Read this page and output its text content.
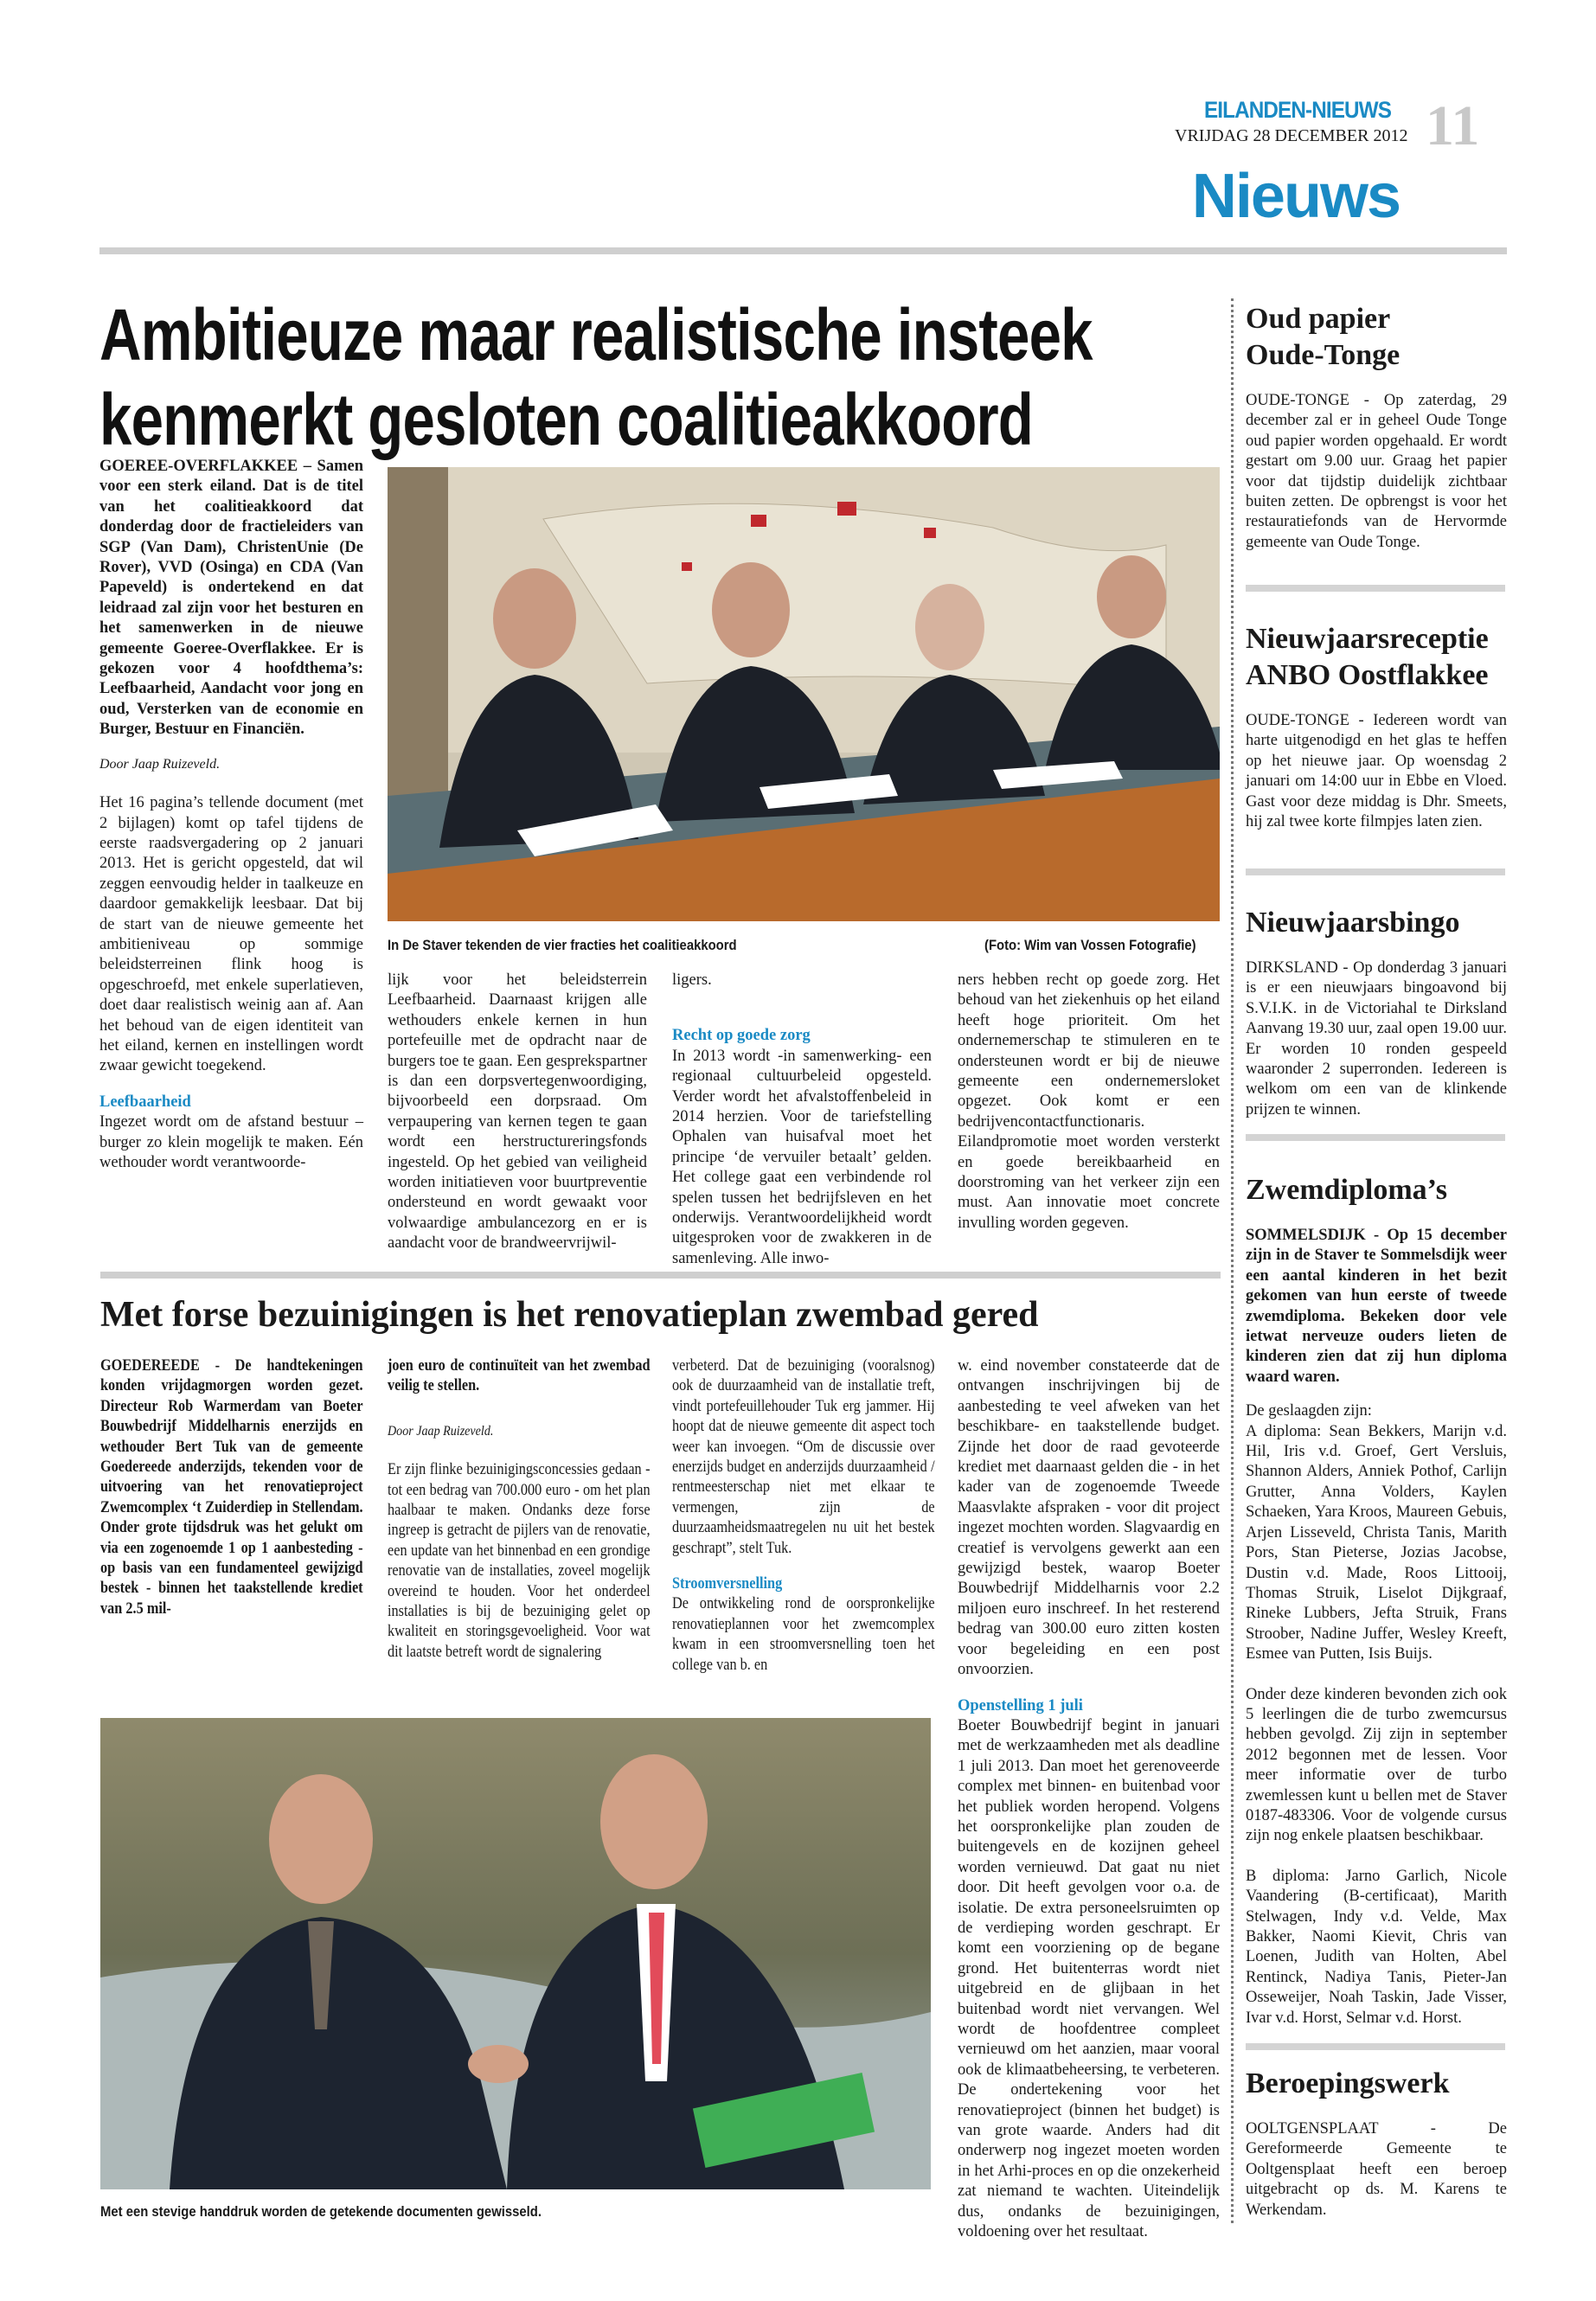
EILANDEN-NIEUWS
VRIJDAG 28 DECEMBER 2012 11
Nieuws
Ambitieuze maar realistische insteek
kenmerkt gesloten coalitieakkoord

GOEREE-OVERFLAKKEE – Samen voor een sterk eiland. Dat is de titel van het coalitieakkoord dat donderdag door de fractieleiders van SGP (Van Dam), ChristenUnie (De Rover), VVD (Osinga) en CDA (Van Papeveld) is ondertekend en dat leidraad zal zijn voor het besturen en het samenwerken in de nieuwe gemeente Goeree-Overflakkee. Er is gekozen voor 4 hoofdthema’s: Leefbaarheid, Aandacht voor jong en oud, Versterken van de economie en Burger, Bestuur en Financiën.

Door Jaap Ruizeveld.

Het 16 pagina’s tellende document (met 2 bijlagen) komt op tafel tijdens de eerste raadsvergadering op 2 januari 2013. Het is gericht opgesteld, dat wil zeggen eenvoudig helder in taalkeuze en daardoor gemakkelijk leesbaar. Dat bij de start van de nieuwe gemeente het ambitieniveau op sommige beleidsterreinen flink hoog is opgeschroefd, met enkele superlatieven, doet daar realistisch weinig aan af. Aan het behoud van de eigen identiteit van het eiland, kernen en instellingen wordt zwaar gewicht toegekend.

Leefbaarheid

Ingezet wordt om de afstand bestuur – burger zo klein mogelijk te maken. Eén wethouder wordt verantwoorde-

In De Staver tekenden de vier fracties het coalitieakkoord	(Foto: Wim van Vossen Fotografie)

lijk voor het beleidsterrein Leefbaarheid. Daarnaast krijgen alle wethouders enkele kernen in hun portefeuille met de opdracht naar de burgers toe te gaan. Een gesprekspartner is dan een dorpsvertegenwoordiging, bijvoorbeeld een dorpsraad. Om verpaupering van kernen tegen te gaan wordt een herstructureringsfonds ingesteld. Op het gebied van veiligheid worden initiatieven voor buurtpreventie ondersteund en wordt gewaakt voor volwaardige ambulancezorg en er is aandacht voor de brandweervrijwil-

ligers.

Recht op goede zorg

In 2013 wordt -in samenwerking- een regionaal cultuurbeleid opgesteld. Verder wordt het afvalstoffenbeleid in 2014 herzien. Voor de tariefstelling Ophalen van huisafval moet het principe ‘de vervuiler betaalt’ gelden. Het college gaat een verbindende rol spelen tussen het bedrijfsleven en het onderwijs. Verantwoordelijkheid wordt uitgesproken voor de zwakkeren in de samenleving. Alle inwo-

ners hebben recht op goede zorg. Het behoud van het ziekenhuis op het eiland heeft hoge prioriteit. Om het ondernemerschap te stimuleren en te ondersteunen wordt er bij de nieuwe gemeente een ondernemersloket opgezet. Ook komt er een bedrijvencontactfunctionaris. Eilandpromotie moet worden versterkt en goede bereikbaarheid en doorstroming van het verkeer zijn een must. Aan innovatie moet concrete invulling worden gegeven.

Met forse bezuinigingen is het renovatieplan zwembad gered

GOEDEREEDE - De handtekeningen konden vrijdagmorgen worden gezet. Directeur Rob Warmerdam van Boeter Bouwbedrijf Middelharnis enerzijds en wethouder Bert Tuk van de gemeente Goedereede anderzijds, tekenden voor de uitvoering van het renovatieproject Zwemcomplex ‘t Zuiderdiep in Stellendam. Onder grote tijdsdruk was het gelukt om via een zogenoemde 1 op 1 aanbesteding - op basis van een fundamenteel gewijzigd bestek - binnen het taakstellende krediet van 2.5 mil-

joen euro de continuïteit van het zwembad veilig te stellen.

Door Jaap Ruizeveld.

Er zijn flinke bezuinigingsconcessies gedaan - tot een bedrag van 700.000 euro - om het plan haalbaar te maken. Ondanks deze forse ingreep is getracht de pijlers van de renovatie, een update van het binnenbad en een grondige renovatie van de installaties, zoveel mogelijk overeind te houden. Voor het onderdeel installaties is bij de bezuiniging gelet op kwaliteit en storingsgevoeligheid. Voor wat dit laatste betreft wordt de signalering

verbeterd. Dat de bezuiniging (vooralsnog) ook de duurzaamheid van de installatie treft, vindt portefeuillehouder Tuk erg jammer. Hij hoopt dat de nieuwe gemeente dit aspect toch weer kan invoegen. “Om de discussie over enerzijds budget en anderzijds duurzaamheid / rentmeesterschap niet met elkaar te vermengen, zijn de duurzaamheidsmaatregelen nu uit het bestek geschrapt”, stelt Tuk.

Stroomversnelling

De ontwikkeling rond de oorspronkelijke renovatieplannen voor het zwemcomplex kwam in een stroomversnelling toen het college van b. en

w. eind november constateerde dat de ontvangen inschrijvingen bij de aanbesteding te veel afweken van het beschikbare- en taakstellende budget. Zijnde het door de raad gevoteerde krediet met daarnaast gelden die - in het kader van de zogenoemde Tweede Maasvlakte afspraken - voor dit project ingezet mochten worden. Slagvaardig en creatief is vervolgens gewerkt aan een gewijzigd bestek, waarop Boeter Bouwbedrijf Middelharnis voor 2.2 miljoen euro inschreef. In het resterend bedrag van 300.00 euro zitten kosten voor begeleiding en een post onvoorzien.

Openstelling 1 juli

Boeter Bouwbedrijf begint in januari met de werkzaamheden met als deadline 1 juli 2013. Dan moet het gerenoveerde complex met binnen- en buitenbad voor het publiek worden heropend. Volgens het oorspronkelijke plan zouden de buitengevels en de kozijnen geheel worden vernieuwd. Dat gaat nu niet door. Dit heeft gevolgen voor o.a. de isolatie. De extra personeelsruimten op de verdieping worden geschrapt. Er komt een voorziening op de begane grond. Het buitenterras wordt niet uitgebreid en de glijbaan in het buitenbad wordt niet vervangen. Wel wordt de hoofdentree compleet vernieuwd om het aanzien, maar vooral ook de klimaatbeheersing, te verbeteren. De ondertekening voor het renovatieproject (binnen het budget) is van grote waarde. Anders had dit onderwerp nog ingezet moeten worden in het Arhi-proces en op die onzekerheid zat niemand te wachten. Uiteindelijk dus, ondanks de bezuinigingen, voldoening over het resultaat.

Met een stevige handdruk worden de getekende documenten gewisseld.
Oud papier
Oude-Tonge

OUDE-TONGE - Op zaterdag, 29 december zal er in geheel Oude Tonge oud papier worden opgehaald. Er wordt gestart om 9.00 uur. Graag het papier voor dat tijdstip duidelijk zichtbaar buiten zetten. De opbrengst is voor het restauratiefonds van de Hervormde gemeente van Oude Tonge.

Nieuwjaarsreceptie
ANBO Oostflakkee

OUDE-TONGE - Iedereen wordt van harte uitgenodigd en het glas te heffen op het nieuwe jaar. Op woensdag 2 januari om 14:00 uur in Ebbe en Vloed. Gast voor deze middag is Dhr. Smeets, hij zal twee korte filmpjes laten zien.

Nieuwjaarsbingo

DIRKSLAND - Op donderdag 3 januari is er een nieuwjaars bingoavond bij S.V.I.K. in de Victoriahal te Dirksland Aanvang 19.30 uur, zaal open 19.00 uur. Er worden 10 ronden gespeeld waaronder 2 superronden. Iedereen is welkom om een van de klinkende prijzen te winnen.

Zwemdiploma’s

SOMMELSDIJK - Op 15 december zijn in de Staver te Sommelsdijk weer een aantal kinderen in het bezit gekomen van hun eerste of tweede zwemdiploma. Bekeken door vele ietwat nerveuze ouders lieten de kinderen zien dat zij hun diploma waard waren.

De geslaagden zijn:

A diploma: Sean Bekkers, Marijn v.d. Hil, Iris v.d. Groef, Gert Versluis, Shannon Alders, Anniek Pothof, Carlijn Grutter, Anna Volders, Kaylen Schaeken, Yara Kroos, Maureen Gebuis, Arjen Lisseveld, Christa Tanis, Marith Pors, Stan Pieterse, Jozias Jacobse, Dustin v.d. Made, Roos Littooij, Thomas Struik, Liselot Dijkgraaf, Rineke Lubbers, Jefta Struik, Frans Stroober, Nadine Juffer, Wesley Kreeft, Esmee van Putten, Isis Buijs.

Onder deze kinderen bevonden zich ook 5 leerlingen die de turbo zwemcursus hebben gevolgd. Zij zijn in september 2012 begonnen met de lessen. Voor meer informatie over de turbo zwemlessen kunt u bellen met de Staver 0187-483306. Voor de volgende cursus zijn nog enkele plaatsen beschikbaar.

B diploma: Jarno Garlich, Nicole Vaandering (B-certificaat), Marith Stelwagen, Indy v.d. Velde, Max Bakker, Naomi Kievit, Chris van Loenen, Judith van Holten, Abel Rentinck, Nadiya Tanis, Pieter-Jan Osseweijer, Noah Taskin, Jade Visser, Ivar v.d. Horst, Selmar v.d. Horst.

Beroepingswerk

OOLTGENSPLAAT - De Gereformeerde Gemeente te Ooltgensplaat heeft een beroep uitgebracht op ds. M. Karens te Werkendam.
